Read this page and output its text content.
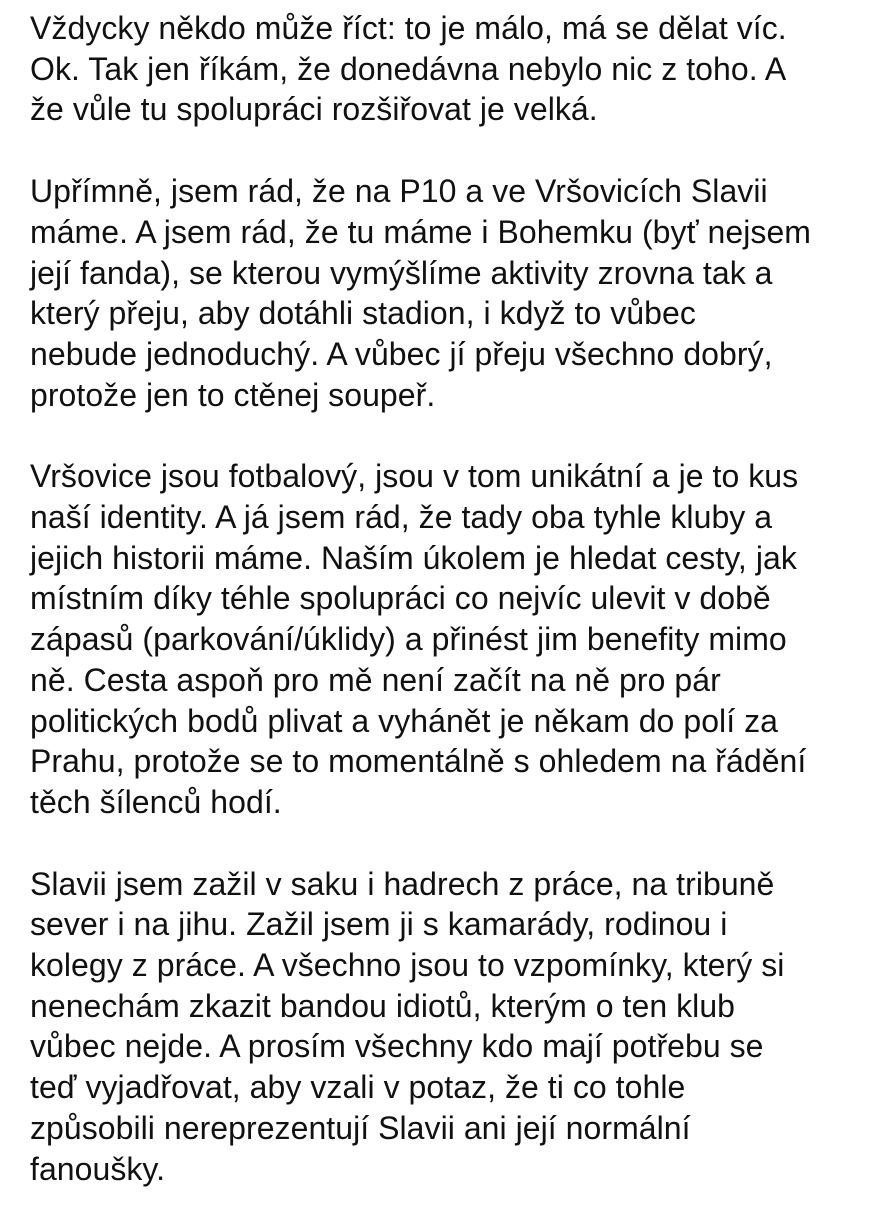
Vždycky někdo může říct: to je málo, má se dělat víc.
Ok. Tak jen říkám, že donedávna nebylo nic z toho. A
že vůle tu spolupráci rozšiřovat je velká.

Upřímně, jsem rád, že na P10 a ve Vršovicích Slavii
máme. A jsem rád, že tu máme i Bohemku (byť nejsem
její fanda), se kterou vymýšlíme aktivity zrovna tak a
který přeju, aby dotáhli stadion, i když to vůbec
nebude jednoduchý. A vůbec jí přeju všechno dobrý,
protože jen to ctěnej soupeř.

Vršovice jsou fotbalový, jsou v tom unikátní a je to kus
naší identity. A já jsem rád, že tady oba tyhle kluby a
jejich historii máme. Naším úkolem je hledat cesty, jak
místním díky téhle spolupráci co nejvíc ulevit v době
zápasů (parkování/úklidy) a přinést jim benefity mimo
ně. Cesta aspoň pro mě není začít na ně pro pár
politických bodů plivat a vyhánět je někam do polí za
Prahu, protože se to momentálně s ohledem na řádění
těch šílenců hodí.

Slavii jsem zažil v saku i hadrech z práce, na tribuně
sever i na jihu. Zažil jsem ji s kamarády, rodinou i
kolegy z práce. A všechno jsou to vzpomínky, který si
nenechám zkazit bandou idiotů, kterým o ten klub
vůbec nejde. A prosím všechny kdo mají potřebu se
teď vyjadřovat, aby vzali v potaz, že ti co tohle
způsobili nereprezentují Slavii ani její normální
fanoušky.
